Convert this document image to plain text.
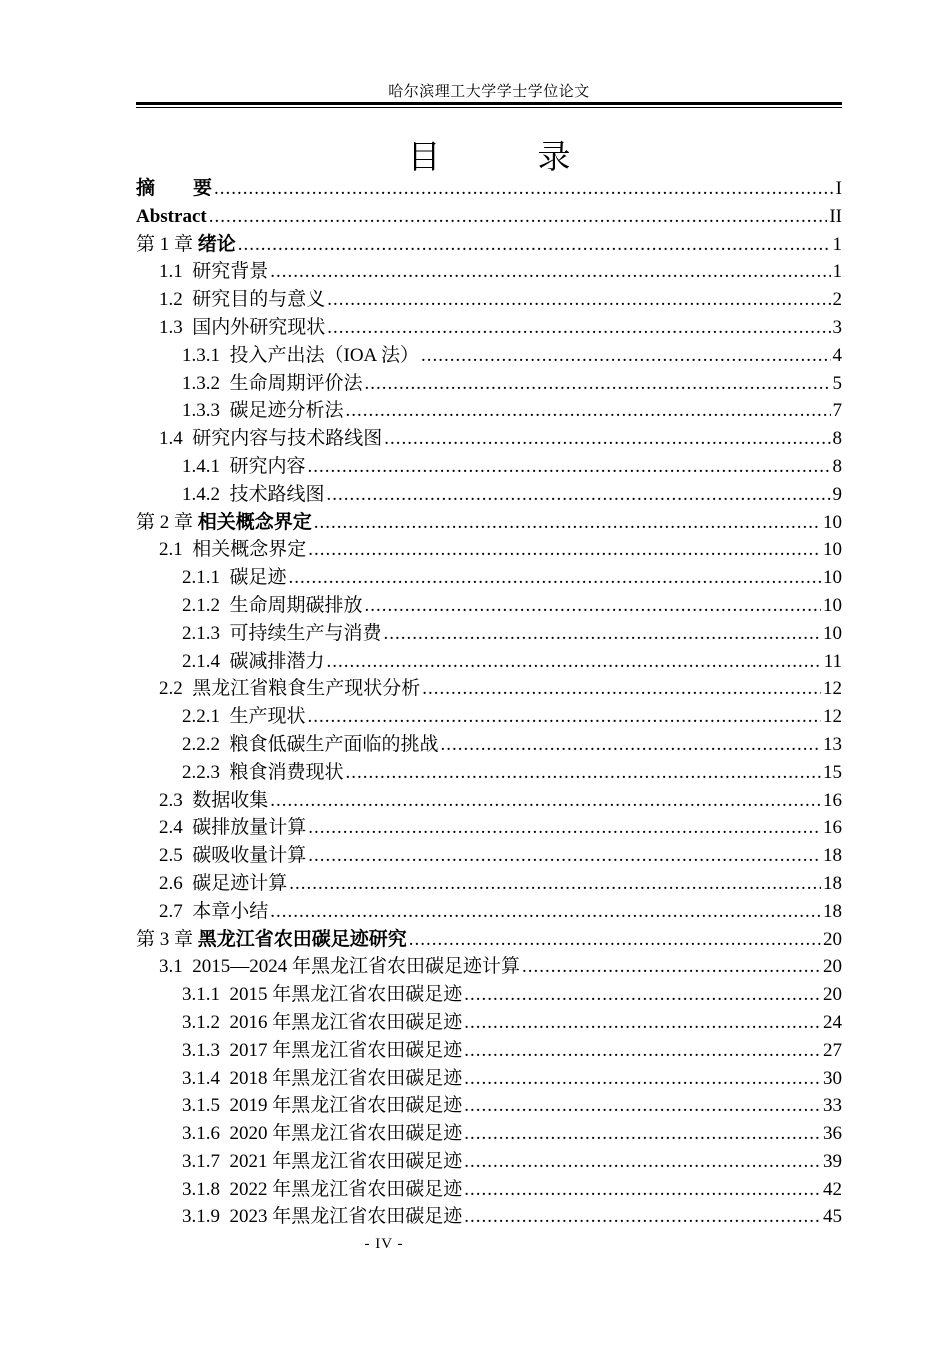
哈尔滨理工大学学士学位论文
目　录
摘　　要 .....	I
Abstract .....	II
第 1 章 绪论 .....	1
1.1 研究背景 .....	1
1.2 研究目的与意义 .....	2
1.3 国内外研究现状 .....	3
1.3.1 投入产出法（IOA 法） .....	4
1.3.2 生命周期评价法 .....	5
1.3.3 碳足迹分析法 .....	7
1.4 研究内容与技术路线图 .....	8
1.4.1 研究内容 .....	8
1.4.2 技术路线图 .....	9
第 2 章 相关概念界定 .....	10
2.1 相关概念界定 .....	10
2.1.1 碳足迹 .....	10
2.1.2 生命周期碳排放 .....	10
2.1.3 可持续生产与消费 .....	10
2.1.4 碳减排潜力 .....	11
2.2 黑龙江省粮食生产现状分析 .....	12
2.2.1 生产现状 .....	12
2.2.2 粮食低碳生产面临的挑战 .....	13
2.2.3 粮食消费现状 .....	15
2.3 数据收集 .....	16
2.4 碳排放量计算 .....	16
2.5 碳吸收量计算 .....	18
2.6 碳足迹计算 .....	18
2.7 本章小结 .....	18
第 3 章 黑龙江省农田碳足迹研究 .....	20
3.1 2015—2024 年黑龙江省农田碳足迹计算 .....	20
3.1.1 2015 年黑龙江省农田碳足迹 .....	20
3.1.2 2016 年黑龙江省农田碳足迹 .....	24
3.1.3 2017 年黑龙江省农田碳足迹 .....	27
3.1.4 2018 年黑龙江省农田碳足迹 .....	30
3.1.5 2019 年黑龙江省农田碳足迹 .....	33
3.1.6 2020 年黑龙江省农田碳足迹 .....	36
3.1.7 2021 年黑龙江省农田碳足迹 .....	39
3.1.8 2022 年黑龙江省农田碳足迹 .....	42
3.1.9 2023 年黑龙江省农田碳足迹 .....	45
- IV -
